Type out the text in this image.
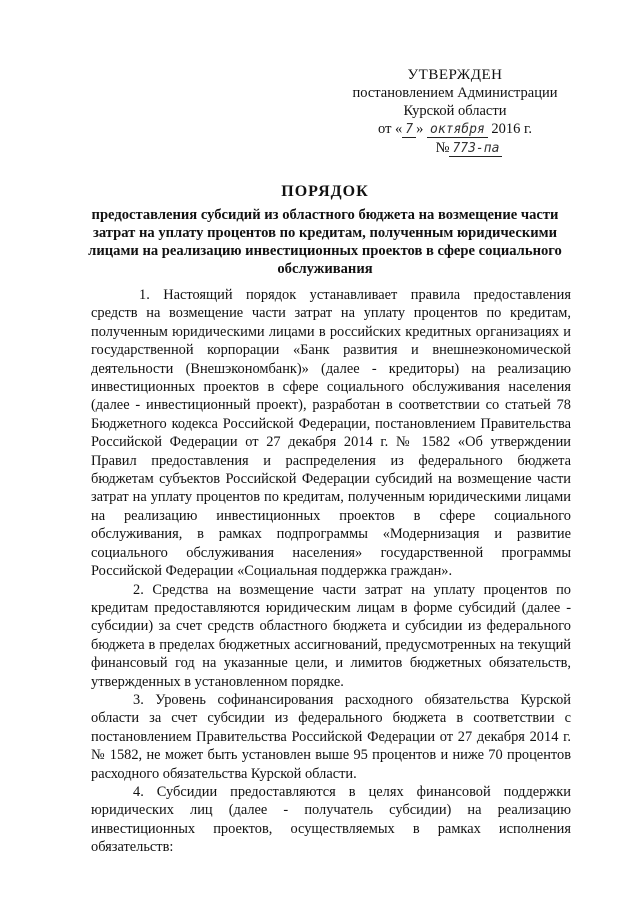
УТВЕРЖДЕН
постановлением Администрации
Курской области
от « 7 » октября 2016 г.
№773-па
ПОРЯДОК
предоставления субсидий из областного бюджета на возмещение части затрат на уплату процентов по кредитам, полученным юридическими лицами на реализацию инвестиционных проектов в сфере социального обслуживания

1. Настоящий порядок устанавливает правила предоставления средств на возмещение части затрат на уплату процентов по кредитам, полученным юридическими лицами в российских кредитных организациях и государственной корпорации «Банк развития и внешнеэкономической деятельности (Внешэкономбанк)» (далее - кредиторы) на реализацию инвестиционных проектов в сфере социального обслуживания населения (далее - инвестиционный проект), разработан в соответствии со статьей 78 Бюджетного кодекса Российской Федерации, постановлением Правительства Российской Федерации от 27 декабря 2014 г. № 1582 «Об утверждении Правил предоставления и распределения из федерального бюджета бюджетам субъектов Российской Федерации субсидий на возмещение части затрат на уплату процентов по кредитам, полученным юридическими лицами на реализацию инвестиционных проектов в сфере социального обслуживания, в рамках подпрограммы «Модернизация и развитие социального обслуживания населения» государственной программы Российской Федерации «Социальная поддержка граждан».

2. Средства на возмещение части затрат на уплату процентов по кредитам предоставляются юридическим лицам в форме субсидий (далее - субсидии) за счет средств областного бюджета и субсидии из федерального бюджета в пределах бюджетных ассигнований, предусмотренных на текущий финансовый год на указанные цели, и лимитов бюджетных обязательств, утвержденных в установленном порядке.

3. Уровень софинансирования расходного обязательства Курской области за счет субсидии из федерального бюджета в соответствии с постановлением Правительства Российской Федерации от 27 декабря 2014 г. № 1582, не может быть установлен выше 95 процентов и ниже 70 процентов расходного обязательства Курской области.

4. Субсидии предоставляются в целях финансовой поддержки юридических лиц (далее - получатель субсидии) на реализацию инвестиционных проектов, осуществляемых в рамках исполнения обязательств:
